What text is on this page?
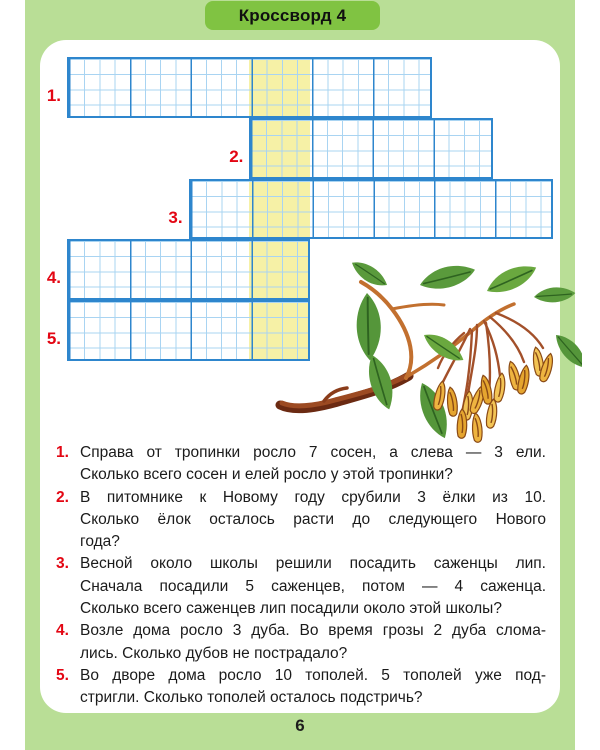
Кроссворд 4
1.
2.
3.
4.
5.
1. Справа от тропинки росло 7 сосен, а слева — 3 ели.
Сколько всего сосен и елей росло у этой тропинки?
2. В питомнике к Новому году срубили 3 ёлки из 10.
Сколько ёлок осталось расти до следующего Нового
года?
3. Весной около школы решили посадить саженцы лип.
Сначала посадили 5 саженцев, потом — 4 саженца.
Сколько всего саженцев лип посадили около этой школы?
4. Возле дома росло 3 дуба. Во время грозы 2 дуба слома-
лись. Сколько дубов не пострадало?
5. Во дворе дома росло 10 тополей. 5 тополей уже под-
стригли. Сколько тополей осталось подстричь?
6
